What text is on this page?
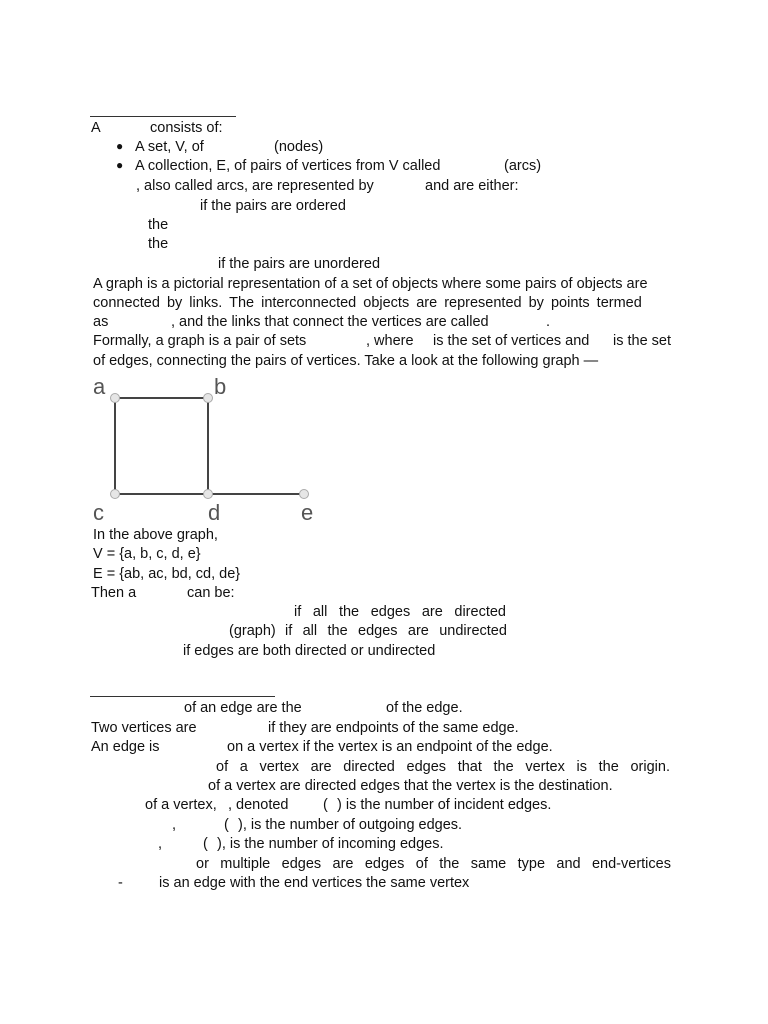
A	consists of:
● A set, V, of	(nodes)
● A collection, E, of pairs of vertices from V called	(arcs)
, also called arcs, are represented by	and are either:
if the pairs are ordered
the
the
if the pairs are unordered
A graph is a pictorial representation of a set of objects where some pairs of objects are
connected by links. The interconnected objects are represented by points termed
as	, and the links that connect the vertices are called	.
Formally, a graph is a pair of sets	, where is the set of vertices and is the set
of edges, connecting the pairs of vertices. Take a look at the following graph —
a	b
c	d	e
In the above graph,
V = {a, b, c, d, e}
E = {ab, ac, bd, cd, de}
Then a	can be:
if all the edges are directed
(graph) if all the edges are undirected
if edges are both directed or undirected
of an edge are the	of the edge.
Two vertices are	if they are endpoints of the same edge.
An edge is	on a vertex if the vertex is an endpoint of the edge.
of a vertex are directed edges that the vertex is the origin.
of a vertex are directed edges that the vertex is the destination.
of a vertex, , denoted ( ) is the number of incident edges.
,	( ), is the number of outgoing edges.
,	( ), is the number of incoming edges.
or multiple edges are edges of the same type and end-vertices
- is an edge with the end vertices the same vertex
